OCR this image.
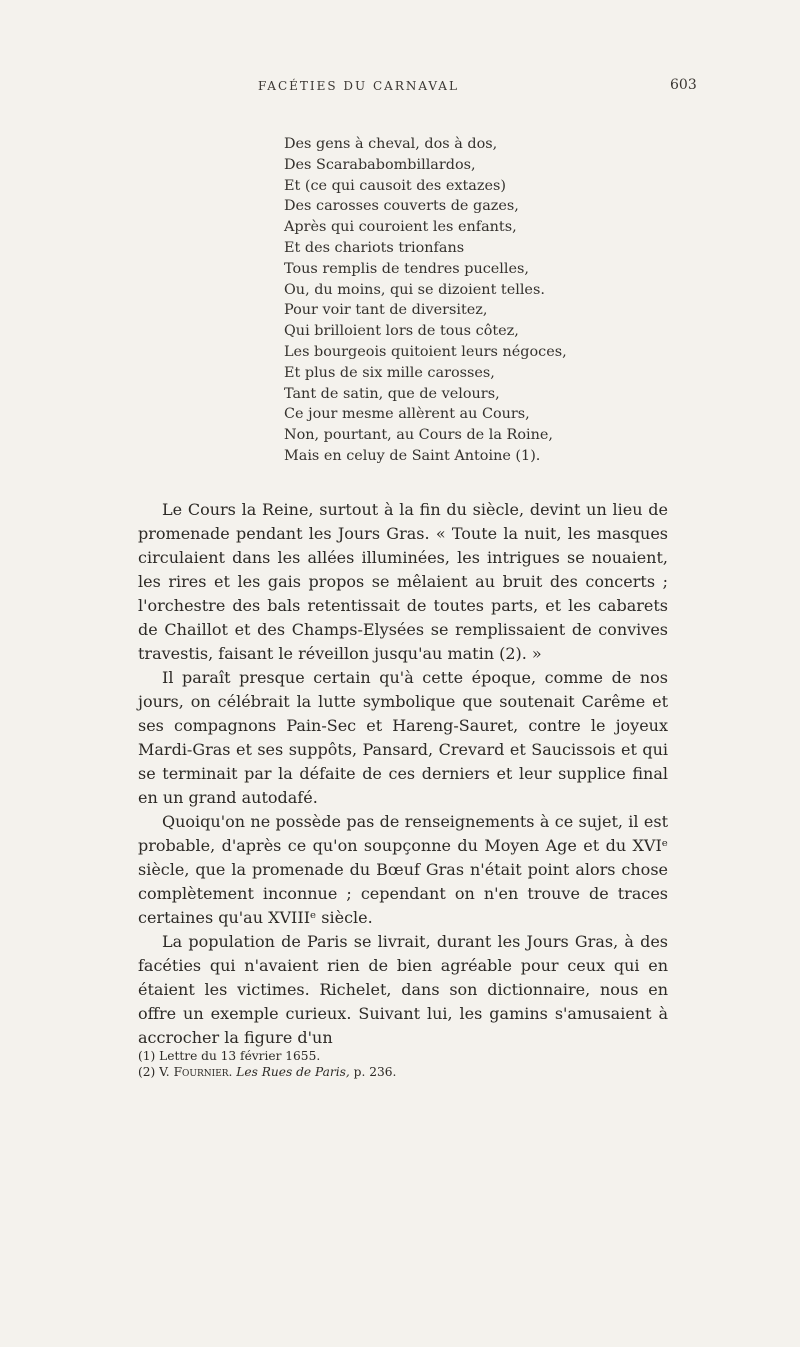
FACÉTIES DU CARNAVAL	603
Des gens à cheval, dos à dos,
Des Scarababombillardos,
Et (ce qui causoit des extazes)
Des carosses couverts de gazes,
Après qui couroient les enfants,
Et des chariots trionfans
Tous remplis de tendres pucelles,
Ou, du moins, qui se dizoient telles.
Pour voir tant de diversitez,
Qui brilloient lors de tous côtez,
Les bourgeois quitoient leurs négoces,
Et plus de six mille carosses,
Tant de satin, que de velours,
Ce jour mesme allèrent au Cours,
Non, pourtant, au Cours de la Roine,
Mais en celuy de Saint Antoine (1).

Le Cours la Reine, surtout à la fin du siècle, devint un lieu de promenade pendant les Jours Gras. « Toute la nuit, les masques circulaient dans les allées illuminées, les intrigues se nouaient, les rires et les gais propos se mêlaient au bruit des concerts ; l'orchestre des bals retentissait de toutes parts, et les cabarets de Chaillot et des Champs-Elysées se remplissaient de convives travestis, faisant le réveillon jusqu'au matin (2). »

Il paraît presque certain qu'à cette époque, comme de nos jours, on célébrait la lutte symbolique que soutenait Carême et ses compagnons Pain-Sec et Hareng-Sauret, contre le joyeux Mardi-Gras et ses suppôts, Pansard, Crevard et Saucissois et qui se terminait par la défaite de ces derniers et leur supplice final en un grand autodafé.

Quoiqu'on ne possède pas de renseignements à ce sujet, il est probable, d'après ce qu'on soupçonne du Moyen Age et du XVIᵉ siècle, que la promenade du Bœuf Gras n'était point alors chose complètement inconnue ; cependant on n'en trouve de traces certaines qu'au XVIIIᵉ siècle.

La population de Paris se livrait, durant les Jours Gras, à des facéties qui n'avaient rien de bien agréable pour ceux qui en étaient les victimes. Richelet, dans son dictionnaire, nous en offre un exemple curieux. Suivant lui, les gamins s'amusaient à accrocher la figure d'un

(1) Lettre du 13 février 1655.
(2) V. Fournier. Les Rues de Paris, p. 236.
